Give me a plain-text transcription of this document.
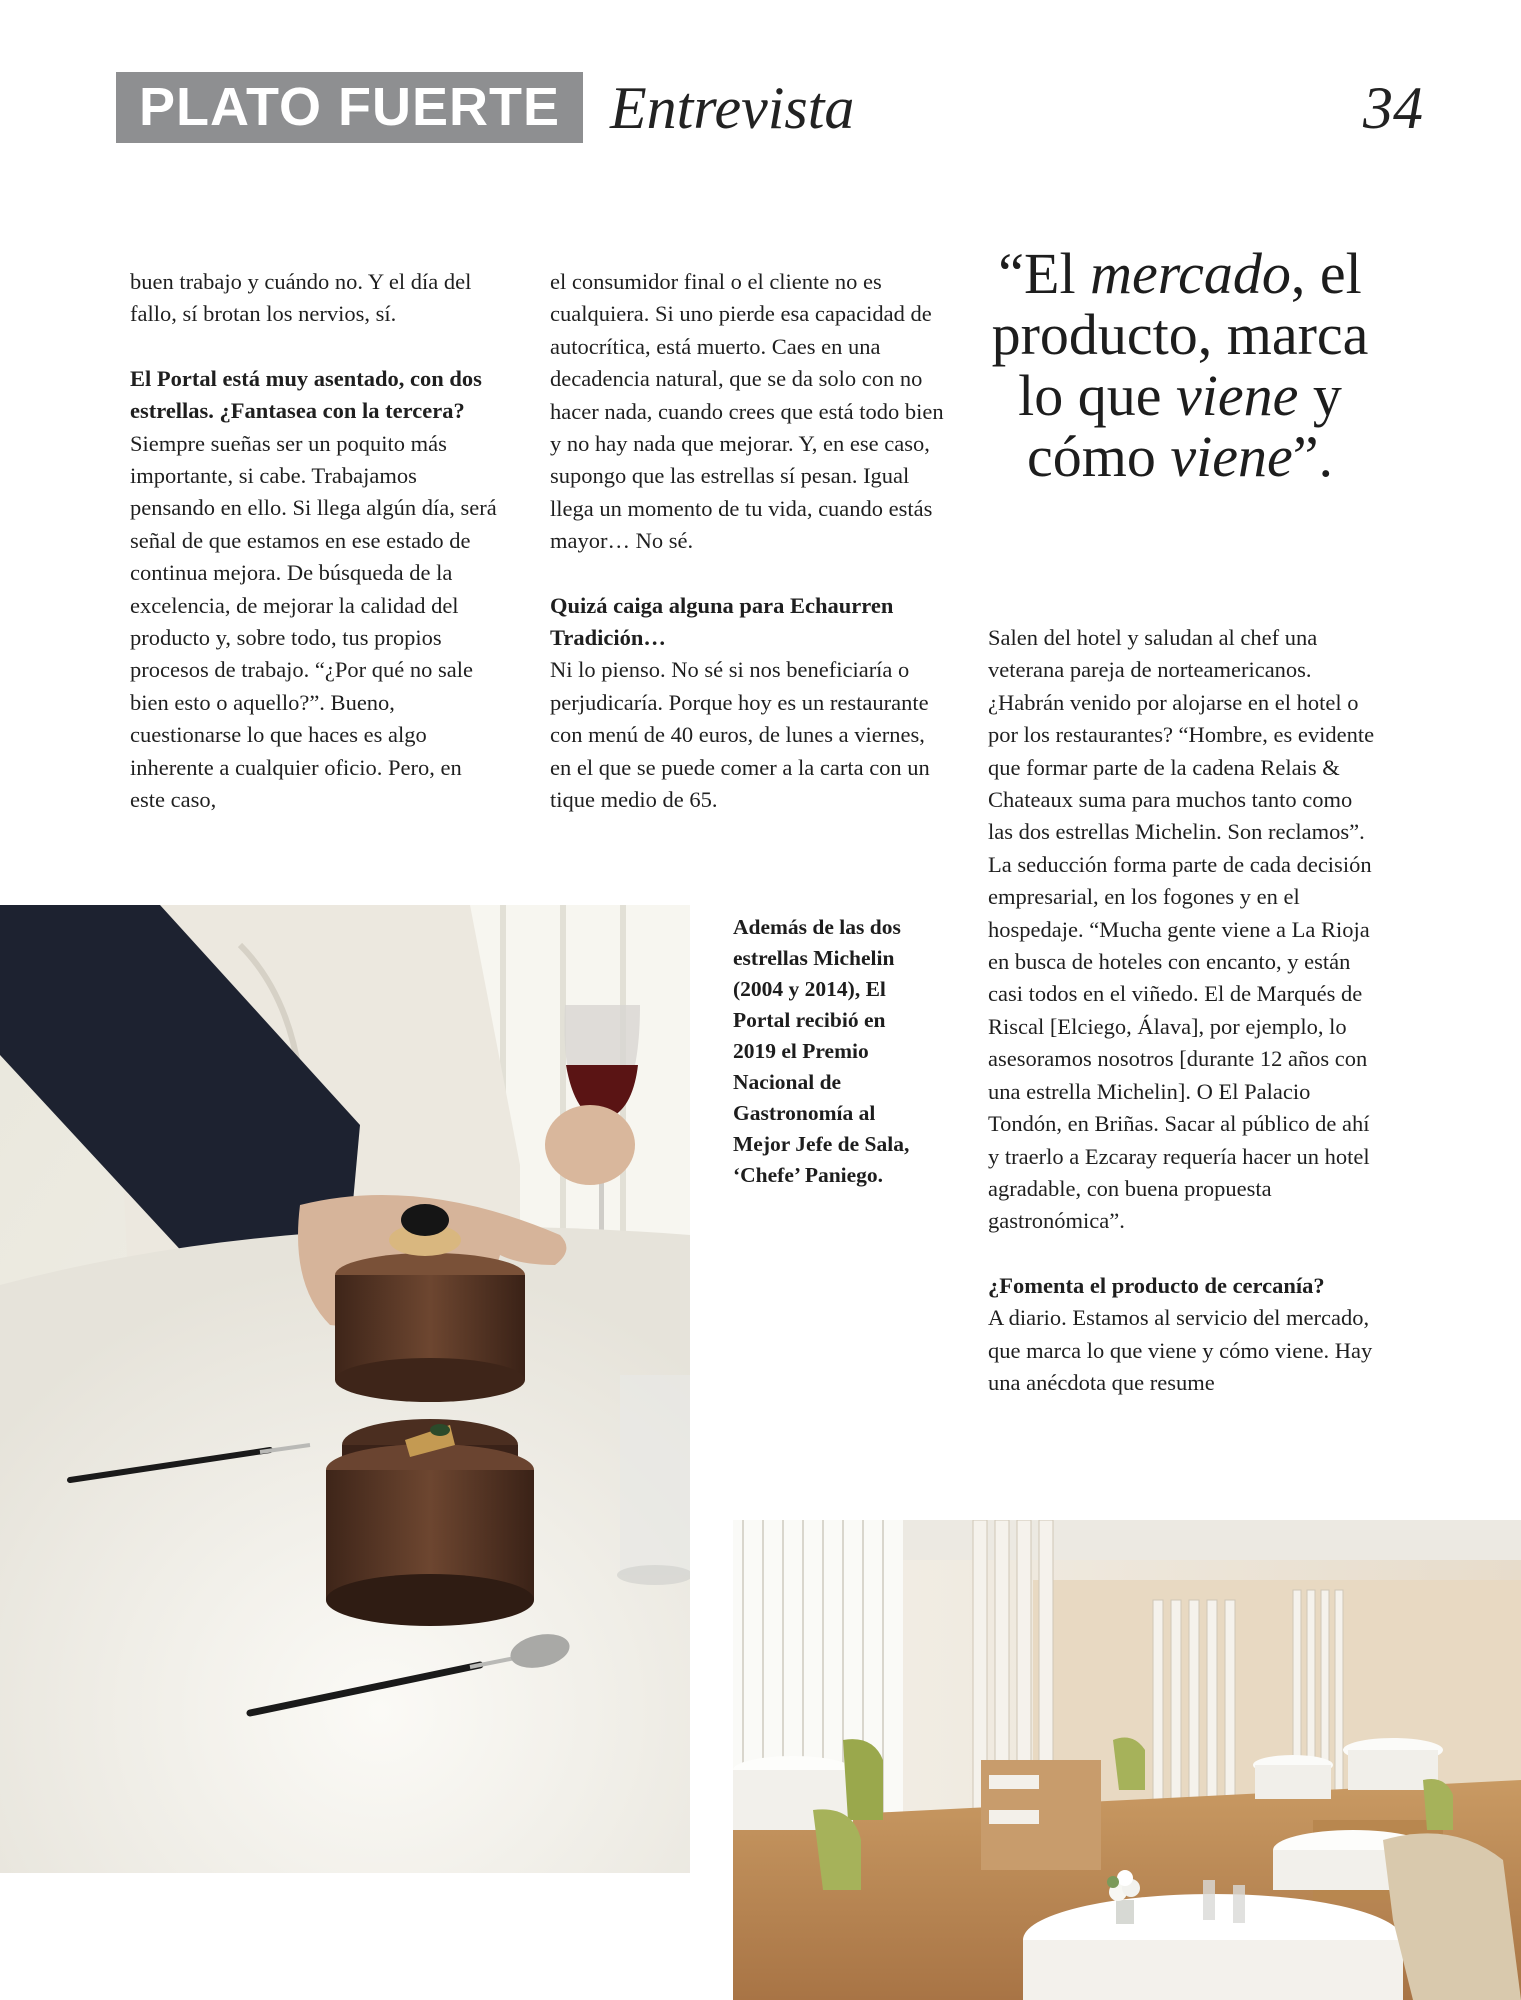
PLATO FUERTE Entrevista	34

buen trabajo y cuándo no. Y el día del fallo, sí brotan los nervios, sí.

El Portal está muy asentado, con dos estrellas. ¿Fantasea con la tercera?

Siempre sueñas ser un poquito más importante, si cabe. Trabajamos pensando en ello. Si llega algún día, será señal de que estamos en ese estado de continua mejora. De búsqueda de la excelencia, de mejorar la calidad del producto y, sobre todo, tus propios procesos de trabajo. “¿Por qué no sale bien esto o aquello?”. Bueno, cuestionarse lo que haces es algo inherente a cualquier oficio. Pero, en este caso,

el consumidor final o el cliente no es cualquiera. Si uno pierde esa capacidad de autocrítica, está muerto. Caes en una decadencia natural, que se da solo con no hacer nada, cuando crees que está todo bien y no hay nada que mejorar. Y, en ese caso, supongo que las estrellas sí pesan. Igual llega un momento de tu vida, cuando estás mayor… No sé.

Quizá caiga alguna para Echaurren Tradición…

Ni lo pienso. No sé si nos beneficiaría o perjudicaría. Porque hoy es un restaurante con menú de 40 euros, de lunes a viernes, en el que se puede comer a la carta con un tique medio de 65.

“El mercado, el producto, marca lo que viene y cómo viene”.

Salen del hotel y saludan al chef una veterana pareja de norteamericanos. ¿Habrán venido por alojarse en el hotel o por los restaurantes? “Hombre, es evidente que formar parte de la cadena Relais & Chateaux suma para muchos tanto como las dos estrellas Michelin. Son reclamos”. La seducción forma parte de cada decisión empresarial, en los fogones y en el hospedaje. “Mucha gente viene a La Rioja en busca de hoteles con encanto, y están casi todos en el viñedo. El de Marqués de Riscal [Elciego, Álava], por ejemplo, lo asesoramos nosotros [durante 12 años con una estrella Michelin]. O El Palacio Tondón, en Briñas. Sacar al público de ahí y traerlo a Ezcaray requería hacer un hotel agradable, con buena propuesta gastronómica”.

¿Fomenta el producto de cercanía?

A diario. Estamos al servicio del mercado, que marca lo que viene y cómo viene. Hay una anécdota que resume

Además de las dos estrellas Michelin (2004 y 2014), El Portal recibió en 2019 el Premio Nacional de Gastronomía al Mejor Jefe de Sala, ‘Chefe’ Paniego.
